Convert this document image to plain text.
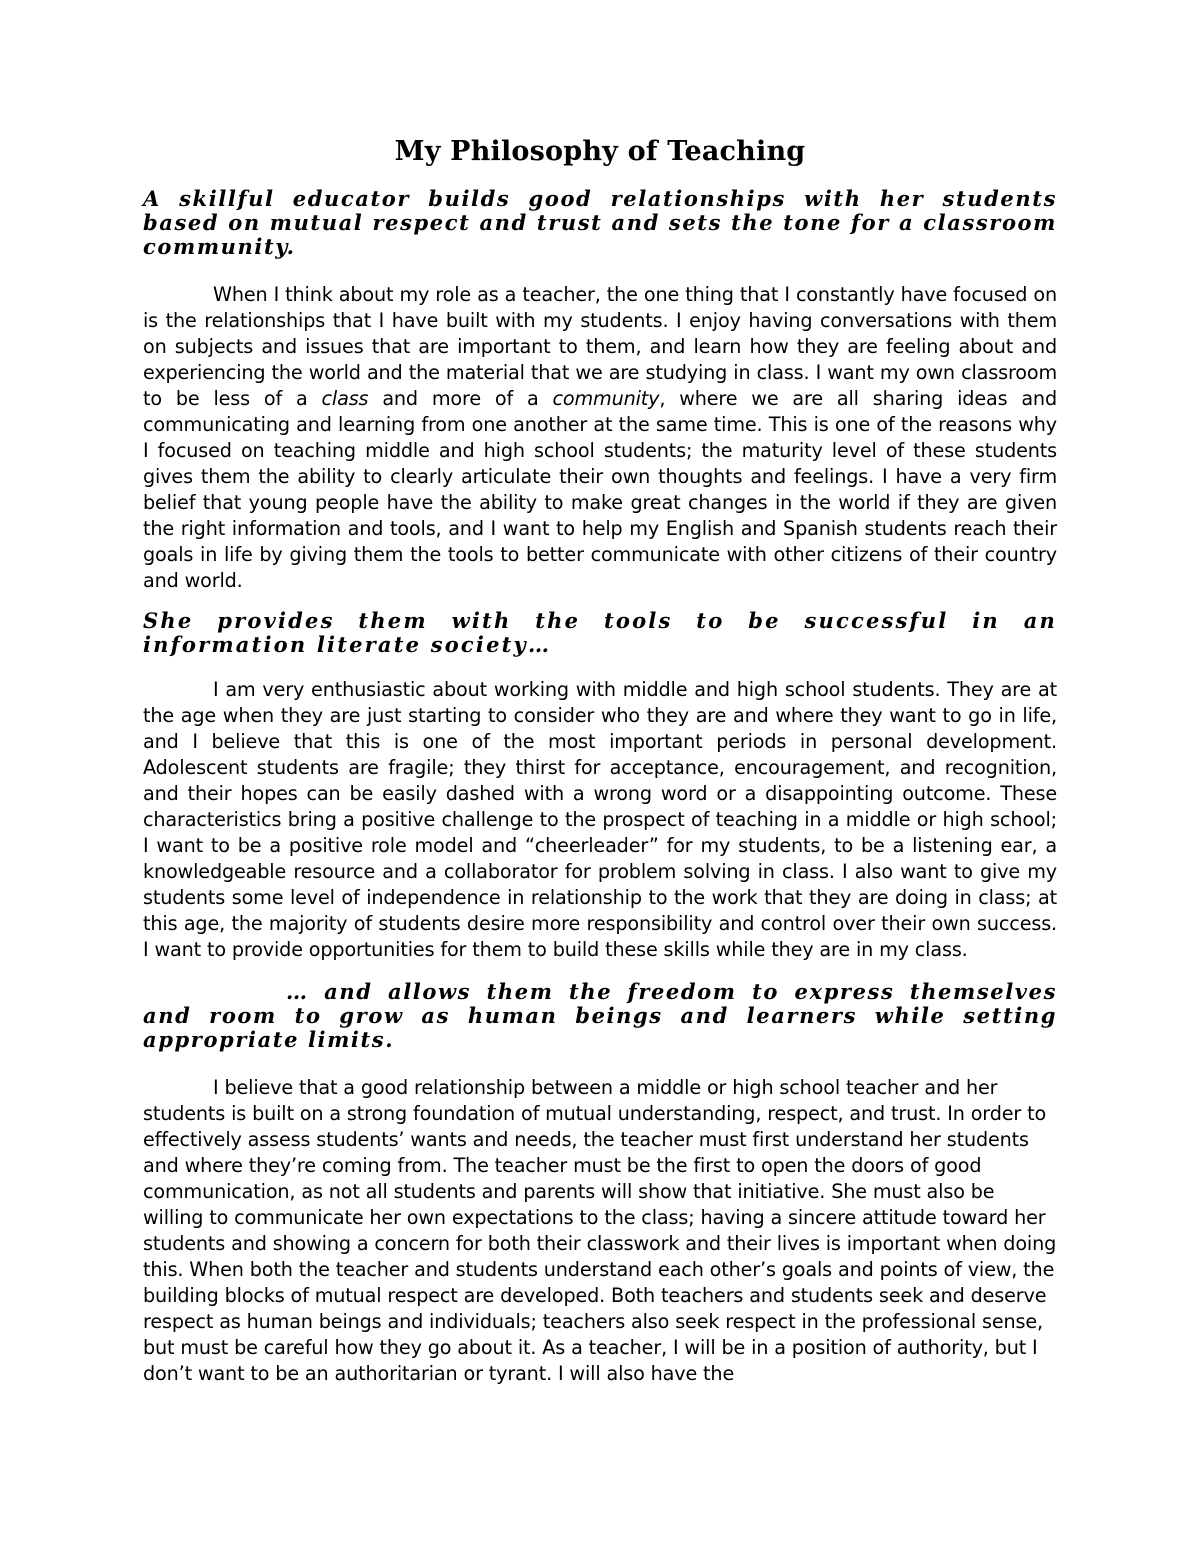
My Philosophy of Teaching
A skillful educator builds good relationships with her students based on mutual respect and trust and sets the tone for a classroom community.
When I think about my role as a teacher, the one thing that I constantly have focused on is the relationships that I have built with my students. I enjoy having conversations with them on subjects and issues that are important to them, and learn how they are feeling about and experiencing the world and the material that we are studying in class. I want my own classroom to be less of a class and more of a community, where we are all sharing ideas and communicating and learning from one another at the same time. This is one of the reasons why I focused on teaching middle and high school students; the maturity level of these students gives them the ability to clearly articulate their own thoughts and feelings. I have a very firm belief that young people have the ability to make great changes in the world if they are given the right information and tools, and I want to help my English and Spanish students reach their goals in life by giving them the tools to better communicate with other citizens of their country and world.
She provides them with the tools to be successful in an information literate society…
I am very enthusiastic about working with middle and high school students. They are at the age when they are just starting to consider who they are and where they want to go in life, and I believe that this is one of the most important periods in personal development. Adolescent students are fragile; they thirst for acceptance, encouragement, and recognition, and their hopes can be easily dashed with a wrong word or a disappointing outcome. These characteristics bring a positive challenge to the prospect of teaching in a middle or high school; I want to be a positive role model and “cheerleader” for my students, to be a listening ear, a knowledgeable resource and a collaborator for problem solving in class. I also want to give my students some level of independence in relationship to the work that they are doing in class; at this age, the majority of students desire more responsibility and control over their own success. I want to provide opportunities for them to build these skills while they are in my class.
… and allows them the freedom to express themselves and room to grow as human beings and learners while setting appropriate limits.
I believe that a good relationship between a middle or high school teacher and her students is built on a strong foundation of mutual understanding, respect, and trust. In order to effectively assess students’ wants and needs, the teacher must first understand her students and where they’re coming from. The teacher must be the first to open the doors of good communication, as not all students and parents will show that initiative. She must also be willing to communicate her own expectations to the class; having a sincere attitude toward her students and showing a concern for both their classwork and their lives is important when doing this. When both the teacher and students understand each other’s goals and points of view, the building blocks of mutual respect are developed. Both teachers and students seek and deserve respect as human beings and individuals; teachers also seek respect in the professional sense, but must be careful how they go about it. As a teacher, I will be in a position of authority, but I don’t want to be an authoritarian or tyrant. I will also have the
